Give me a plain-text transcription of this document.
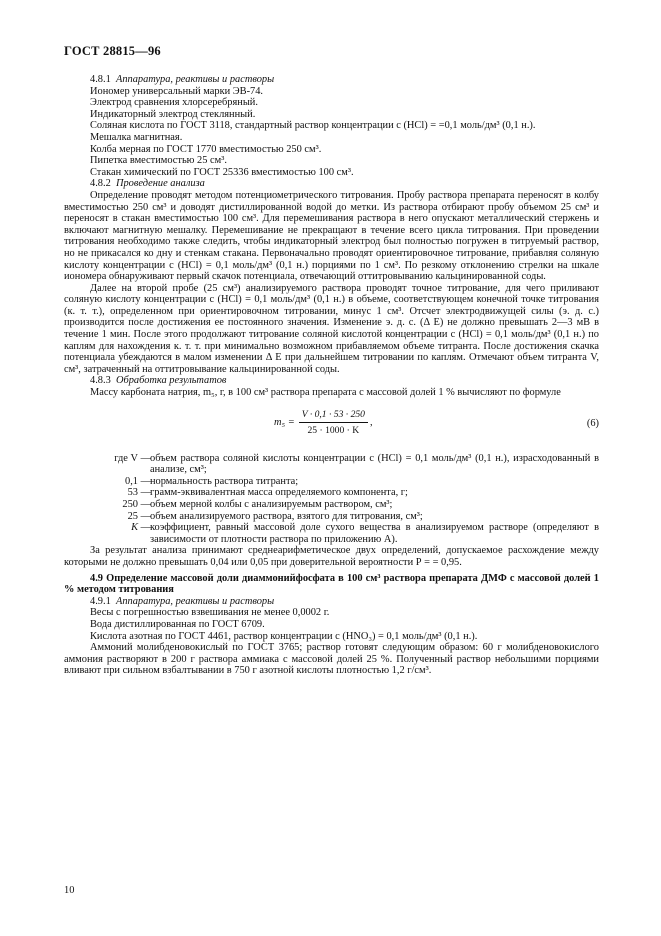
ГОСТ 28815—96

4.8.1 Аппаратура, реактивы и растворы

Иономер универсальный марки ЭВ-74.

Электрод сравнения хлорсеребряный.

Индикаторный электрод стеклянный.

Соляная кислота по ГОСТ 3118, стандартный раствор концентрации с (НСl) = =0,1 моль/дм³ (0,1 н.).

Мешалка магнитная.

Колба мерная по ГОСТ 1770 вместимостью 250 см³.

Пипетка вместимостью 25 см³.

Стакан химический по ГОСТ 25336 вместимостью 100 см³.

4.8.2 Проведение анализа

Определение проводят методом потенциометрического титрования. Пробу раствора препарата переносят в колбу вместимостью 250 см³ и доводят дистиллированной водой до метки. Из раствора отбирают пробу объемом 25 см³ и переносят в стакан вместимостью 100 см³. Для перемешивания раствора в него опускают металлический стержень и включают магнитную мешалку. Перемешивание не прекращают в течение всего цикла титрования. При проведении титрования необходимо также следить, чтобы индикаторный электрод был полностью погружен в титруемый раствор, но не прикасался ко дну и стенкам стакана. Первоначально проводят ориентировочное титрование, прибавляя соляную кислоту концентрации с (НСl) = 0,1 моль/дм³ (0,1 н.) порциями по 1 см³. По резкому отклонению стрелки на шкале иономера обнаруживают первый скачок потенциала, отвечающий оттитровыванию кальцинированной соды.

Далее на второй пробе (25 см³) анализируемого раствора проводят точное титрование, для чего приливают соляную кислоту концентрации с (НСl) = 0,1 моль/дм³ (0,1 н.) в объеме, соответствующем конечной точке титрования (к. т. т.), определенном при ориентировочном титровании, минус 1 см³. Отсчет электродвижущей силы (э. д. с.) производится после достижения ее постоянного значения. Изменение э. д. с. (Δ Е) не должно превышать 2—3 мВ в течение 1 мин. После этого продолжают титрование соляной кислотой концентрации с (НСl) = 0,1 моль/дм³ (0,1 н.) по каплям для нахождения к. т. т. при минимально возможном прибавляемом объеме титранта. После достижения скачка потенциала убеждаются в малом изменении Δ Е при дальнейшем титровании по каплям. Отмечают объем титранта V, см³, затраченный на оттитровывание кальцинированной соды.

4.8.3 Обработка результатов

Массу карбоната натрия, m₅, г, в 100 см³ раствора препарата с массовой долей 1 % вычисляют по формуле

$m_5 = \frac{V \cdot 0,1 \cdot 53 \cdot 250}{25 \cdot 1000 \cdot K}$ ,	(6)
где V — объем раствора соляной кислоты концентрации с (НСl) = 0,1 моль/дм³ (0,1 н.), израсходованный в анализе, см³;
0,1 — нормальность раствора титранта;
53 — грамм-эквивалентная масса определяемого компонента, г;
250 — объем мерной колбы с анализируемым раствором, см³;
25 — объем анализируемого раствора, взятого для титрования, см³;
K — коэффициент, равный массовой доле сухого вещества в анализируемом растворе (определяют в зависимости от плотности раствора по приложению А).

За результат анализа принимают среднеарифметическое двух определений, допускаемое расхождение между которыми не должно превышать 0,04 или 0,05 при доверительной вероятности Р = = 0,95.

4.9 Определение массовой доли диаммонийфосфата в 100 см³ раствора препарата ДМФ с массовой долей 1 % методом титрования

4.9.1 Аппаратура, реактивы и растворы

Весы с погрешностью взвешивания не менее 0,0002 г.

Вода дистиллированная по ГОСТ 6709.

Кислота азотная по ГОСТ 4461, раствор концентрации с (НNО₃) = 0,1 моль/дм³ (0,1 н.).

Аммоний молибденовокислый по ГОСТ 3765; раствор готовят следующим образом: 60 г молибденовокислого аммония растворяют в 200 г раствора аммиака с массовой долей 25 %. Полученный раствор небольшими порциями вливают при сильном взбалтывании в 750 г азотной кислоты плотностью 1,2 г/см³.

10
